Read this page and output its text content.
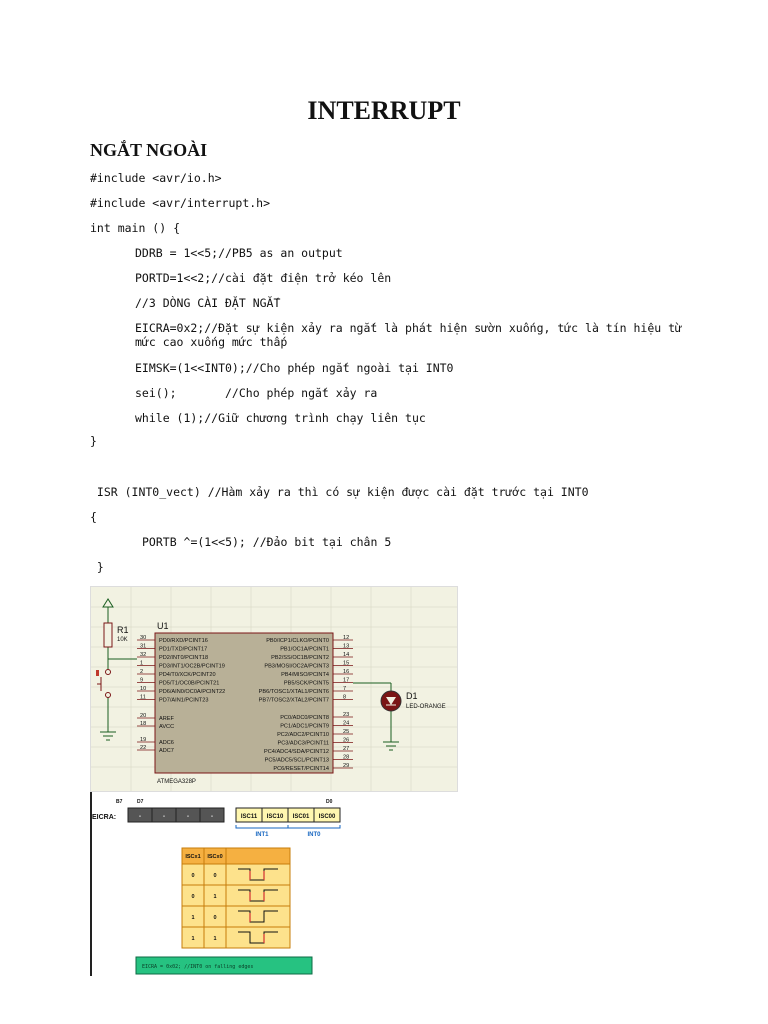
INTERRUPT
NGẮT NGOÀI
#include <avr/io.h>
#include <avr/interrupt.h>
int main () {
DDRB = 1<<5;//PB5 as an output
PORTD=1<<2;//cài đặt điện trở kéo lên
//3 DÒNG CÀI ĐẶT NGẮT
EICRA=0x2;//Đặt sự kiện xảy ra ngắt là phát hiện sườn xuống, tức là tín hiệu từ
mức cao xuống mức thấp
EIMSK=(1<<INT0);//Cho phép ngắt ngoài tại INT0
sei();       //Cho phép ngắt xảy ra
while (1);//Giữ chương trình chạy liên tục
}
ISR (INT0_vect) //Hàm xảy ra thì có sự kiện được cài đặt trước tại INT0
{
PORTB ^=(1<<5); //Đảo bit tại chân 5
}
U1
ATMEGA328P
PD0/RXD/PCINT16
PD1/TXD/PCINT17
PD2/INT0/PCINT18
PD3/INT1/OC2B/PCINT19
PD4/T0/XCK/PCINT20
PD5/T1/OC0B/PCINT21
PD6/AIN0/OC0A/PCINT22
PD7/AIN1/PCINT23
AREF
AVCC
ADC6
ADC7
30
31
32
1
2
9
10
11
20
18
19
22
PB0/ICP1/CLKO/PCINT0
PB1/OC1A/PCINT1
PB2/SS/OC1B/PCINT2
PB3/MOSI/OC2A/PCINT3
PB4/MISO/PCINT4
PB5/SCK/PCINT5
PB6/TOSC1/XTAL1/PCINT6
PB7/TOSC2/XTAL2/PCINT7
PC0/ADC0/PCINT8
PC1/ADC1/PCINT9
PC2/ADC2/PCINT10
PC3/ADC3/PCINT11
PC4/ADC4/SDA/PCINT12
PC5/ADC5/SCL/PCINT13
PC6/RESET/PCINT14
12
13
14
15
16
17
7
8
23
24
25
26
27
28
29
R1
10K
D1
LED-ORANGE
B7	D7	D0
EICRA:	-	-	-	-	ISC11 ISC10 ISC01 ISC00
INT1	INT0
ISCx1 ISCx0
0	0
0	1
1	0
1	1
EICRA = 0x02; //INT0 on falling edges
